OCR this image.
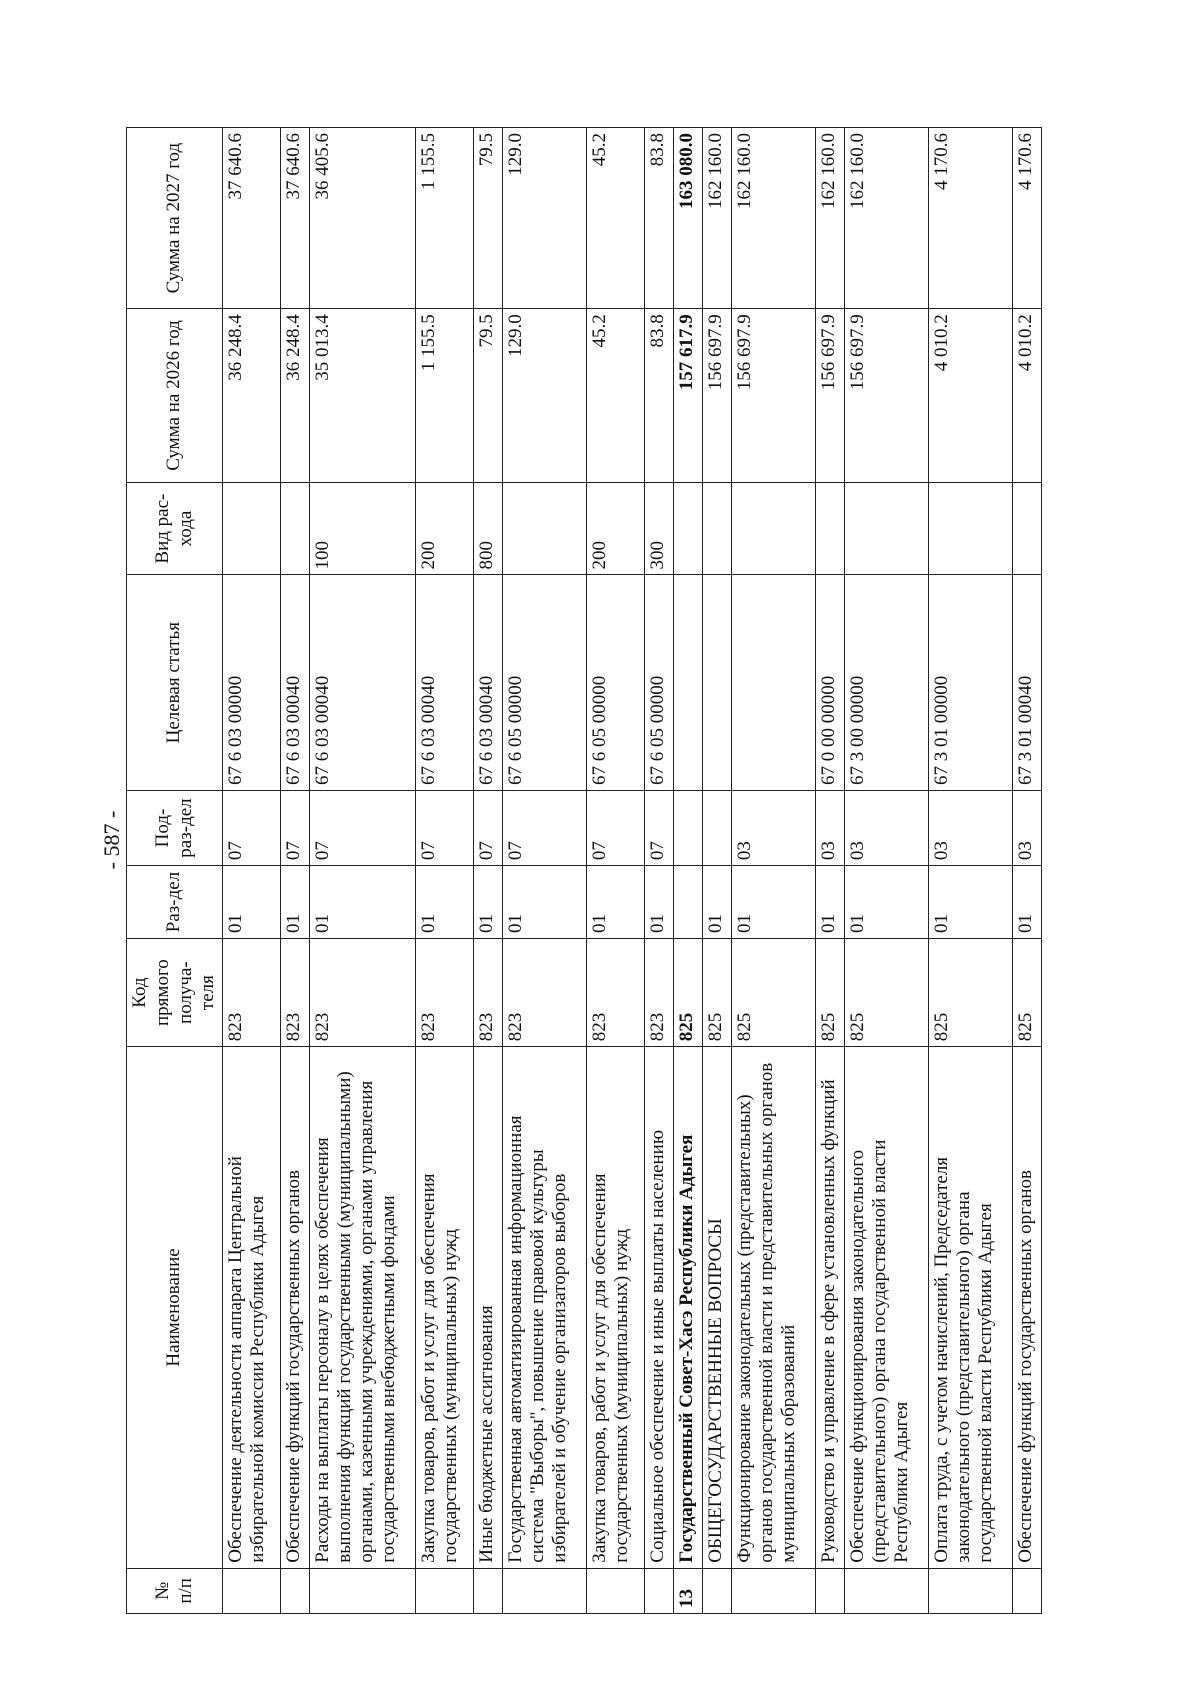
- 587 -
№ п/п	Наименование	Код прямого получа-теля	Раз-дел	Под-раз-дел	Целевая статья	Вид рас-хода	Сумма на 2026 год	Сумма на 2027 год
	Обеспечение деятельности аппарата Центральной избирательной комиссии Республики Адыгея	823	01	07	67 6 03 00000		36 248.4	37 640.6
	Обеспечение функций государственных органов	823	01	07	67 6 03 00040		36 248.4	37 640.6
	Расходы на выплаты персоналу в целях обеспечения выполнения функций государственными (муниципальными) органами, казенными учреждениями, органами управления государственными внебюджетными фондами	823	01	07	67 6 03 00040	100	35 013.4	36 405.6
	Закупка товаров, работ и услуг для обеспечения государственных (муниципальных) нужд	823	01	07	67 6 03 00040	200	1 155.5	1 155.5
	Иные бюджетные ассигнования	823	01	07	67 6 03 00040	800	79.5	79.5
	Государственная автоматизированная информационная система "Выборы", повышение правовой культуры избирателей и обучение организаторов выборов	823	01	07	67 6 05 00000		129.0	129.0
	Закупка товаров, работ и услуг для обеспечения государственных (муниципальных) нужд	823	01	07	67 6 05 00000	200	45.2	45.2
	Социальное обеспечение и иные выплаты населению	823	01	07	67 6 05 00000	300	83.8	83.8
13	Государственный Совет-Хасэ Республики Адыгея	825					157 617.9	163 080.0
	ОБЩЕГОСУДАРСТВЕННЫЕ ВОПРОСЫ	825	01				156 697.9	162 160.0
	Функционирование законодательных (представительных) органов государственной власти и представительных органов муниципальных образований	825	01	03			156 697.9	162 160.0
	Руководство и управление в сфере установленных функций	825	01	03	67 0 00 00000		156 697.9	162 160.0
	Обеспечение функционирования законодательного (представительного) органа государственной власти Республики Адыгея	825	01	03	67 3 00 00000		156 697.9	162 160.0
	Оплата труда, с учетом начислений, Председателя законодательного (представительного) органа государственной власти Республики Адыгея	825	01	03	67 3 01 00000		4 010.2	4 170.6
	Обеспечение функций государственных органов	825	01	03	67 3 01 00040		4 010.2	4 170.6
